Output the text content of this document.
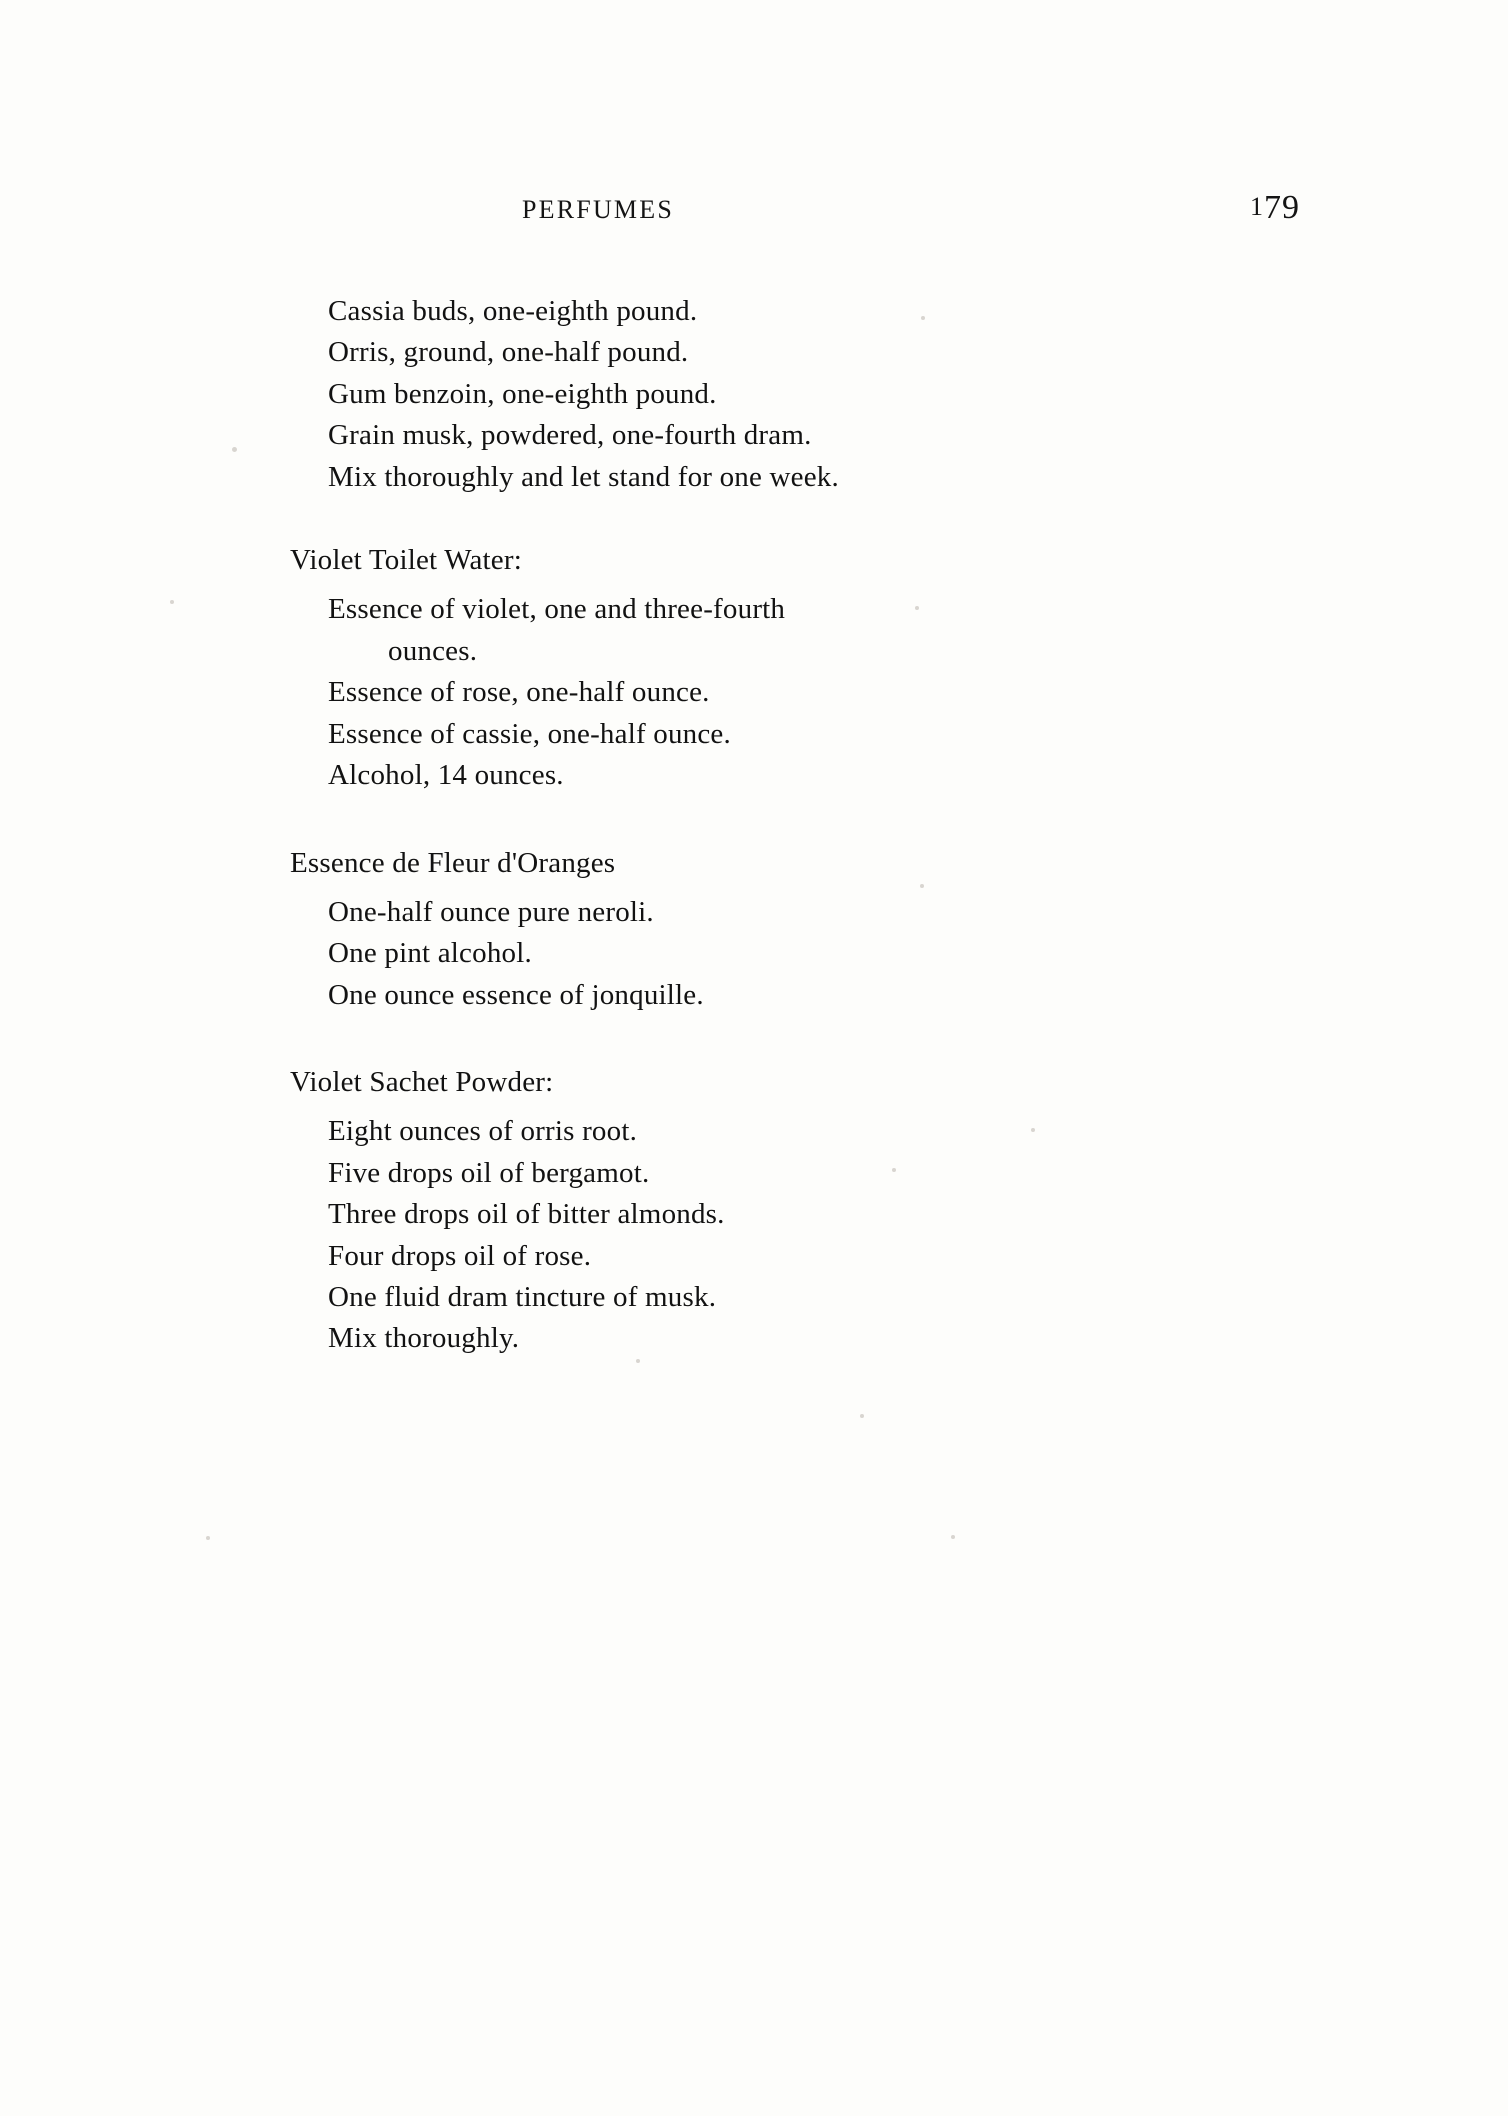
PERFUMES	179
Cassia buds, one-eighth pound.
Orris, ground, one-half pound.
Gum benzoin, one-eighth pound.
Grain musk, powdered, one-fourth dram.
Mix thoroughly and let stand for one week.
Violet Toilet Water:
Essence of violet, one and three-fourth
ounces.
Essence of rose, one-half ounce.
Essence of cassie, one-half ounce.
Alcohol, 14 ounces.
Essence de Fleur d'Oranges
One-half ounce pure neroli.
One pint alcohol.
One ounce essence of jonquille.
Violet Sachet Powder:
Eight ounces of orris root.
Five drops oil of bergamot.
Three drops oil of bitter almonds.
Four drops oil of rose.
One fluid dram tincture of musk.
Mix thoroughly.
